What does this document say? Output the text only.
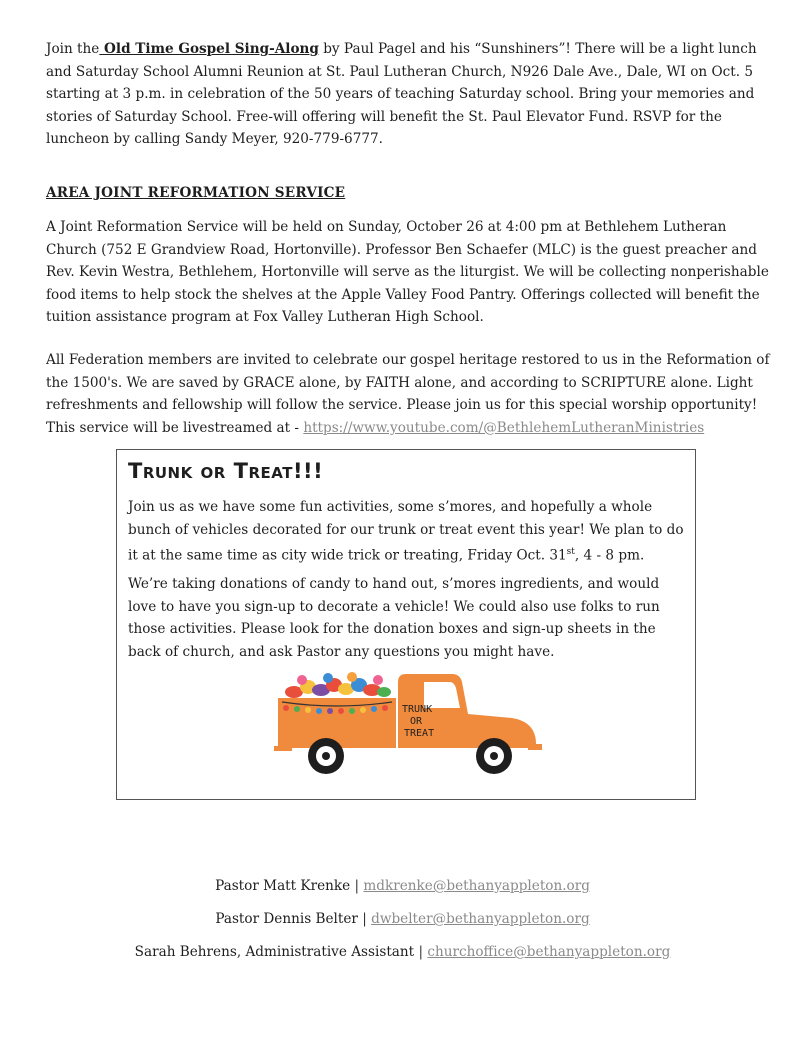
Join the Old Time Gospel Sing-Along by Paul Pagel and his “Sunshiners”! There will be a light lunch and Saturday School Alumni Reunion at St. Paul Lutheran Church, N926 Dale Ave., Dale, WI on Oct. 5 starting at 3 p.m. in celebration of the 50 years of teaching Saturday school. Bring your memories and stories of Saturday School. Free-will offering will benefit the St. Paul Elevator Fund. RSVP for the luncheon by calling Sandy Meyer, 920-779-6777.

AREA JOINT REFORMATION SERVICE

A Joint Reformation Service will be held on Sunday, October 26 at 4:00 pm at Bethlehem Lutheran Church (752 E Grandview Road, Hortonville). Professor Ben Schaefer (MLC) is the guest preacher and Rev. Kevin Westra, Bethlehem, Hortonville will serve as the liturgist. We will be collecting nonperishable food items to help stock the shelves at the Apple Valley Food Pantry. Offerings collected will benefit the tuition assistance program at Fox Valley Lutheran High School.

All Federation members are invited to celebrate our gospel heritage restored to us in the Reformation of the 1500's. We are saved by GRACE alone, by FAITH alone, and according to SCRIPTURE alone. Light refreshments and fellowship will follow the service. Please join us for this special worship opportunity! This service will be livestreamed at - https://www.youtube.com/@BethlehemLutheranMinistries

Trunk or Treat!!!

Join us as we have some fun activities, some s’mores, and hopefully a whole bunch of vehicles decorated for our trunk or treat event this year! We plan to do it at the same time as city wide trick or treating, Friday Oct. 31st, 4 - 8 pm.

We’re taking donations of candy to hand out, s’mores ingredients, and would love to have you sign-up to decorate a vehicle! We could also use folks to run those activities. Please look for the donation boxes and sign-up sheets in the back of church, and ask Pastor any questions you might have.

TRUNK
OR
TREAT

Pastor Matt Krenke | mdkrenke@bethanyappleton.org

Pastor Dennis Belter | dwbelter@bethanyappleton.org

Sarah Behrens, Administrative Assistant | churchoffice@bethanyappleton.org
